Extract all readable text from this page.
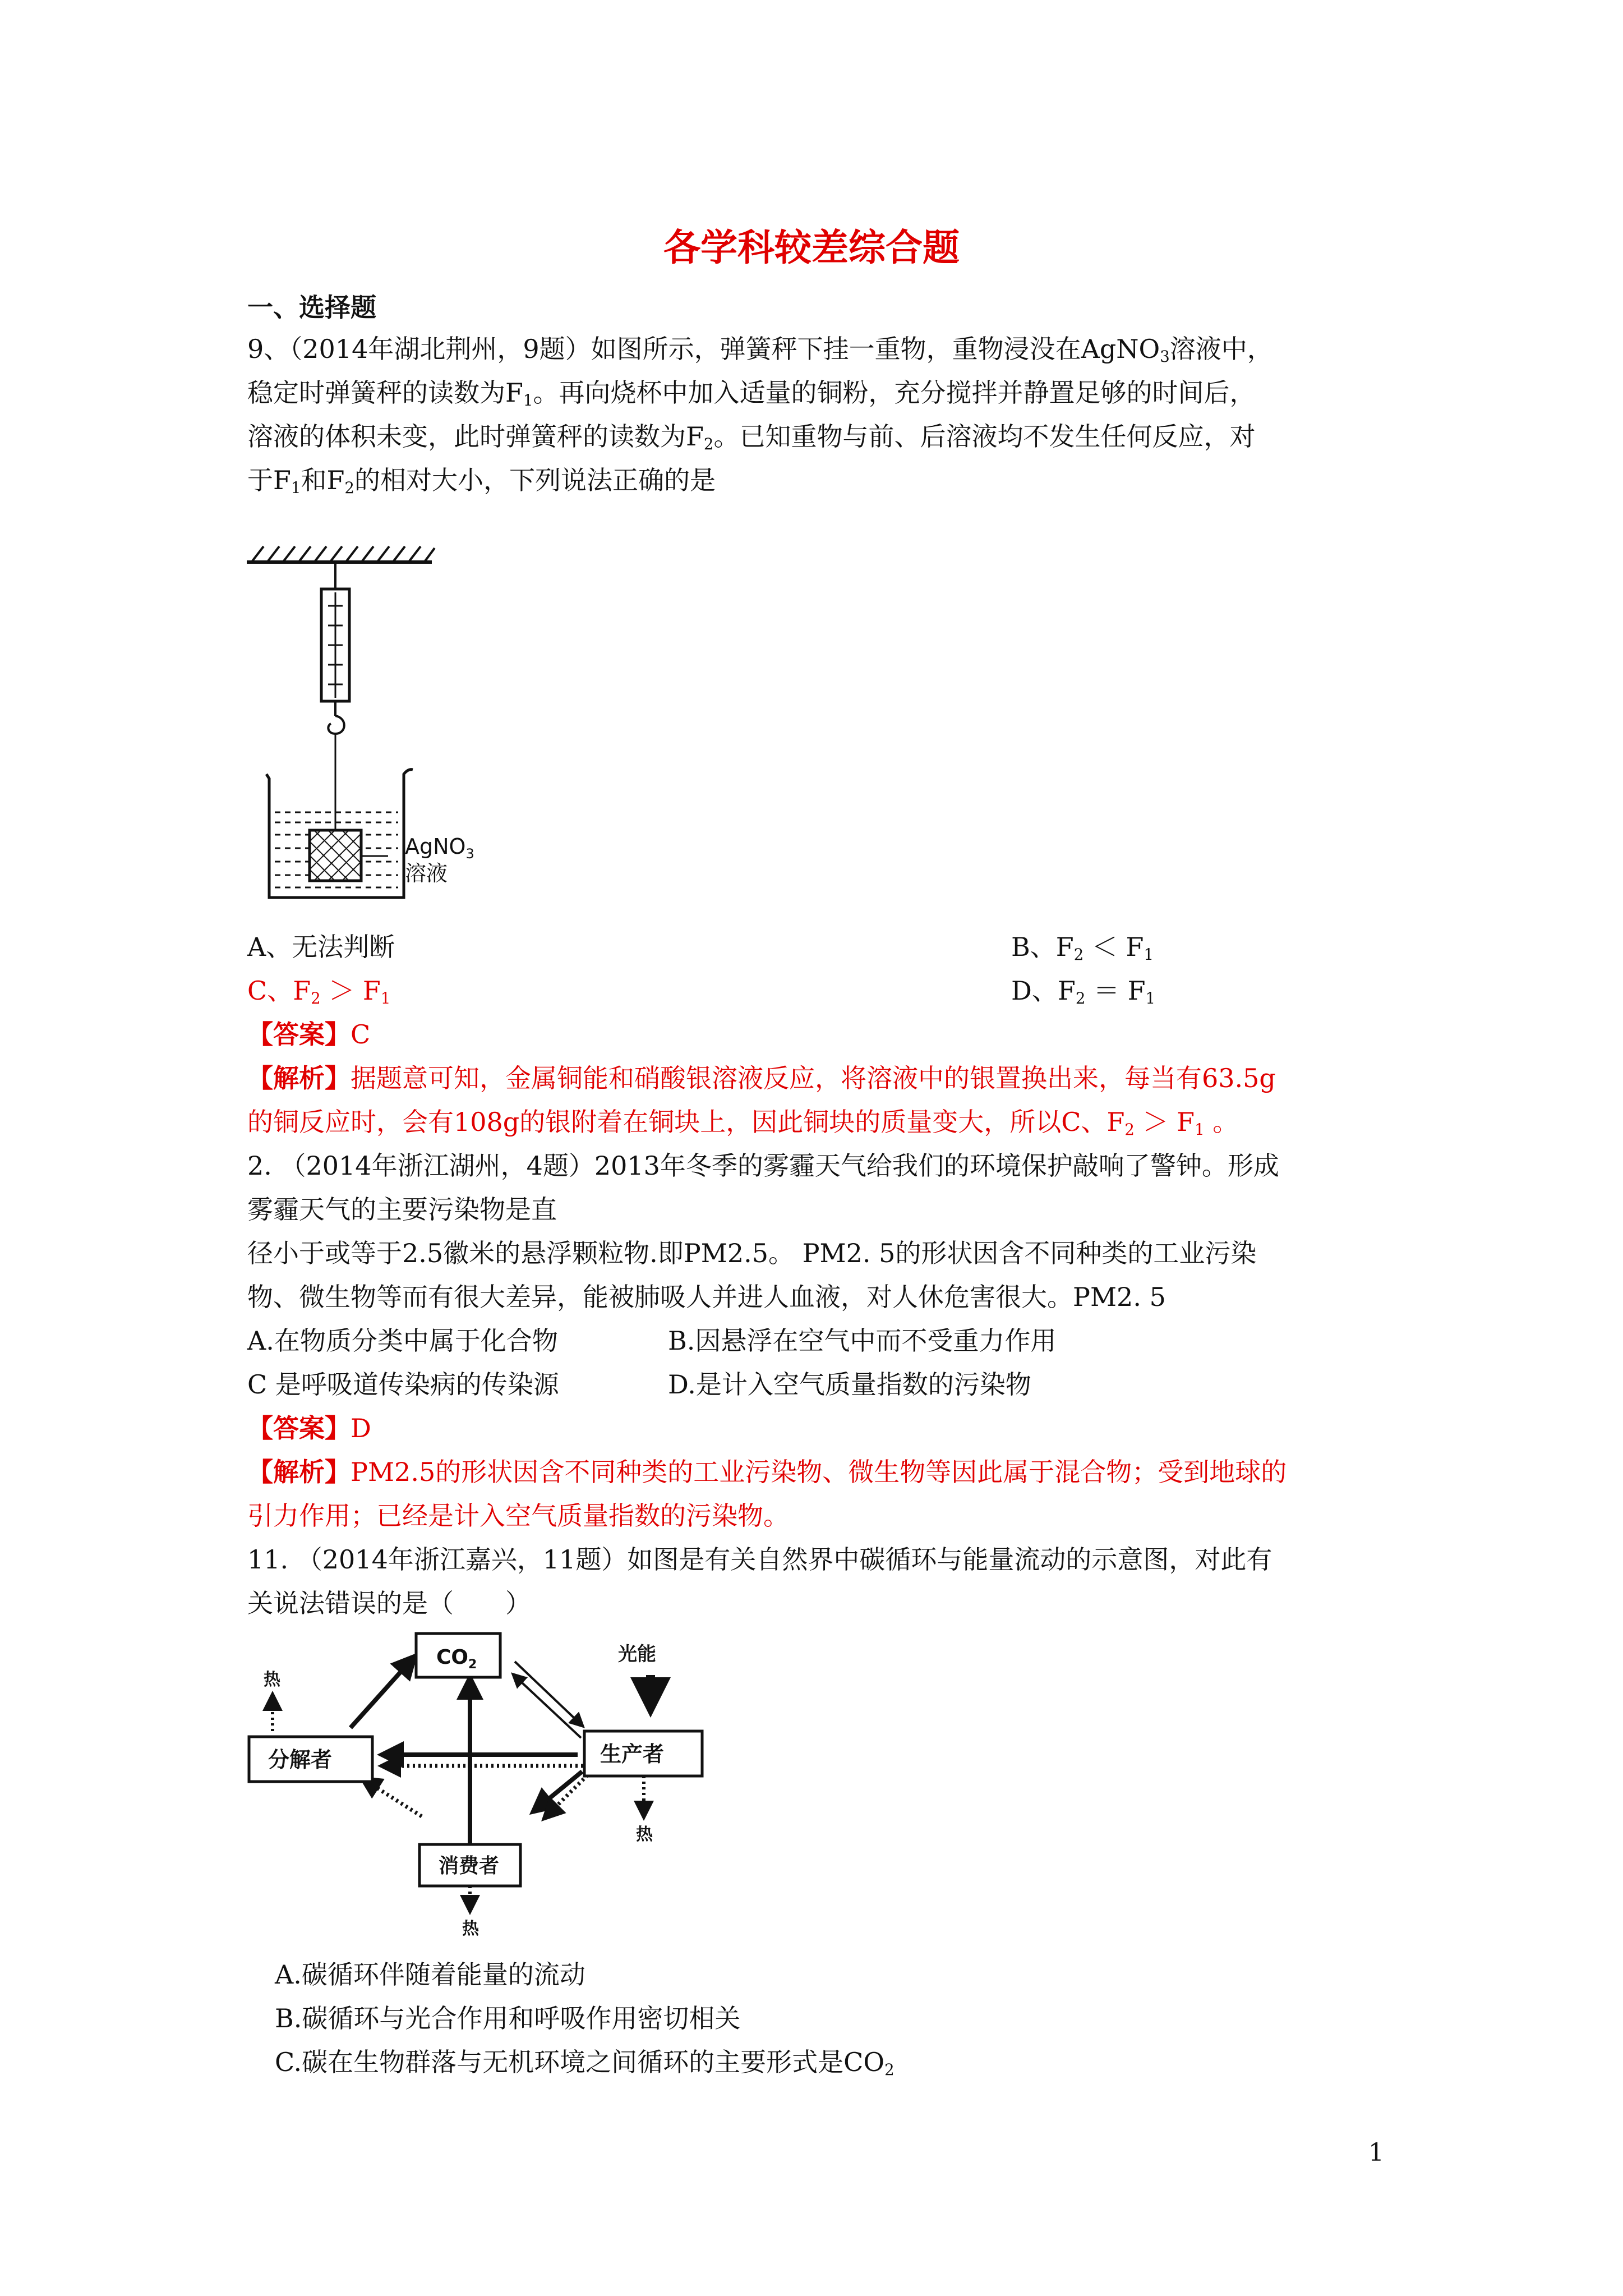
各学科较差综合题
一、选择题
9、（2014年湖北荆州，9题）如图所示，弹簧秤下挂一重物，重物浸没在AgNO$_3$溶液中，
稳定时弹簧秤的读数为$F_1$。再向烧杯中加入适量的铜粉，充分搅拌并静置足够的时间后，
溶液的体积未变，此时弹簧秤的读数为$F_2$。已知重物与前、后溶液均不发生任何反应，对
于$F_1$和$F_2$的相对大小，下列说法正确的是
AgNO$_3$
溶液
A、无法判断	B、$F_2 < F_1$
C、$F_2 > F_1$	D、$F_2 = F_1$
【答案】C
【解析】据题意可知，金属铜能和硝酸银溶液反应，将溶液中的银置换出来，每当有63.5g
的铜反应时，会有108g的银附着在铜块上，因此铜块的质量变大，所以C、$F_2 > F_1$ 。
2. （2014年浙江湖州，4题）2013年冬季的雾霾天气给我们的环境保护敲响了警钟。形成
雾霾天气的主要污染物是直
径小于或等于2.5徽米的悬浮颗粒物.即PM2.5。 PM2. 5的形状因含不同种类的工业污染
物、微生物等而有很大差异，能被肺吸人并进人血液，对人休危害很大。PM2. 5
A.在物质分类中属于化合物	B.因悬浮在空气中而不受重力作用
C 是呼吸道传染病的传染源	D.是计入空气质量指数的污染物
【答案】D
【解析】PM2.5的形状因含不同种类的工业污染物、微生物等因此属于混合物；受到地球的
引力作用；已经是计入空气质量指数的污染物。
11. （2014年浙江嘉兴，11题）如图是有关自然界中碳循环与能量流动的示意图，对此有
关说法错误的是（　　）
$CO_2$
分解者	生产者
消费者
光能
热
热
热
A.碳循环伴随着能量的流动
B.碳循环与光合作用和呼吸作用密切相关
C.碳在生物群落与无机环境之间循环的主要形式是$CO_2$
1
